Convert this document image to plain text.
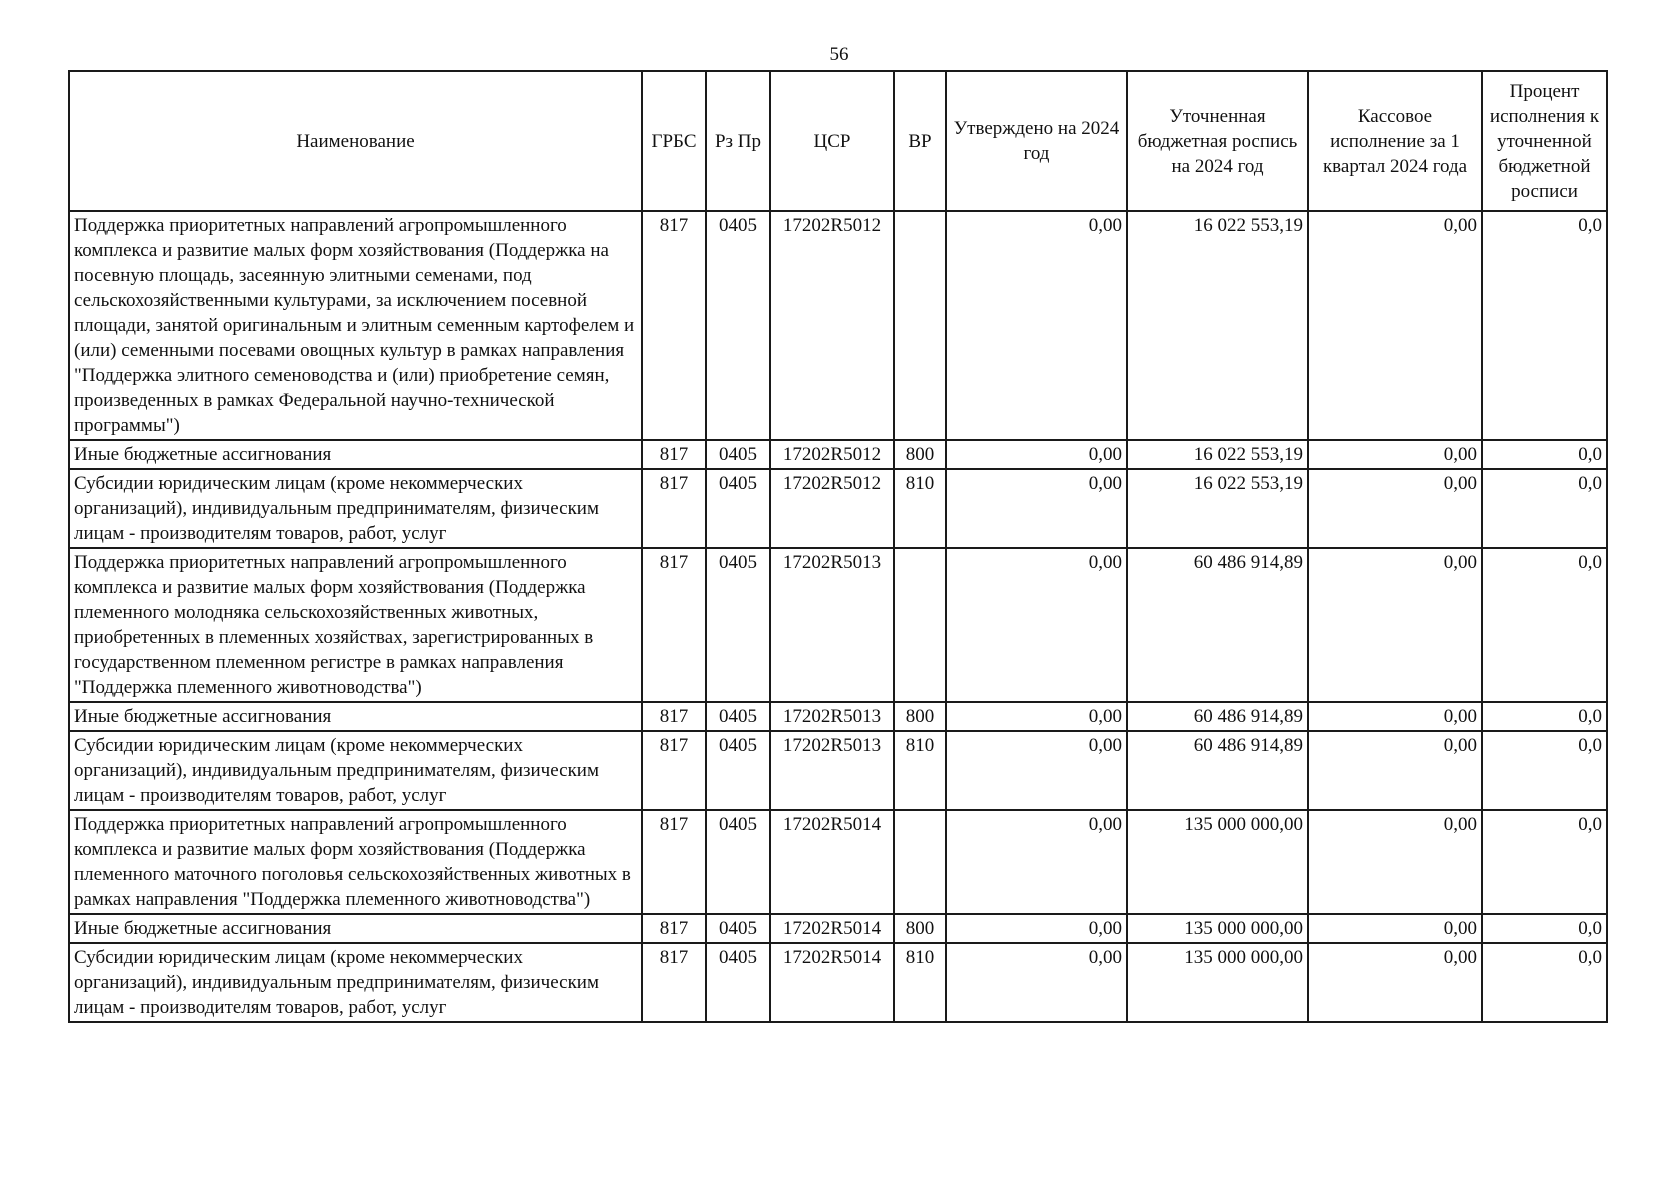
56
Наименование	ГРБС	Рз Пр	ЦСР	ВР	Утверждено на 2024 год	Уточненная бюджетная роспись на 2024 год	Кассовое исполнение за 1 квартал 2024 года	Процент исполнения к уточненной бюджетной росписи
Поддержка приоритетных направлений агропромышленного комплекса и развитие малых форм хозяйствования (Поддержка на посевную площадь, засеянную элитными семенами, под сельскохозяйственными культурами, за исключением посевной площади, занятой оригинальным и элитным семенным картофелем и (или) семенными посевами овощных культур в рамках направления "Поддержка элитного семеноводства и (или) приобретение семян, произведенных в рамках Федеральной научно-технической программы")	817	0405	17202R5012		0,00	16 022 553,19	0,00	0,0
Иные бюджетные ассигнования	817	0405	17202R5012	800	0,00	16 022 553,19	0,00	0,0
Субсидии юридическим лицам (кроме некоммерческих организаций), индивидуальным предпринимателям, физическим лицам - производителям товаров, работ, услуг	817	0405	17202R5012	810	0,00	16 022 553,19	0,00	0,0
Поддержка приоритетных направлений агропромышленного комплекса и развитие малых форм хозяйствования (Поддержка племенного молодняка сельскохозяйственных животных, приобретенных в племенных хозяйствах, зарегистрированных в государственном племенном регистре в рамках направления "Поддержка племенного животноводства")	817	0405	17202R5013		0,00	60 486 914,89	0,00	0,0
Иные бюджетные ассигнования	817	0405	17202R5013	800	0,00	60 486 914,89	0,00	0,0
Субсидии юридическим лицам (кроме некоммерческих организаций), индивидуальным предпринимателям, физическим лицам - производителям товаров, работ, услуг	817	0405	17202R5013	810	0,00	60 486 914,89	0,00	0,0
Поддержка приоритетных направлений агропромышленного комплекса и развитие малых форм хозяйствования (Поддержка племенного маточного поголовья сельскохозяйственных животных в рамках направления "Поддержка племенного животноводства")	817	0405	17202R5014		0,00	135 000 000,00	0,00	0,0
Иные бюджетные ассигнования	817	0405	17202R5014	800	0,00	135 000 000,00	0,00	0,0
Субсидии юридическим лицам (кроме некоммерческих организаций), индивидуальным предпринимателям, физическим лицам - производителям товаров, работ, услуг	817	0405	17202R5014	810	0,00	135 000 000,00	0,00	0,0
